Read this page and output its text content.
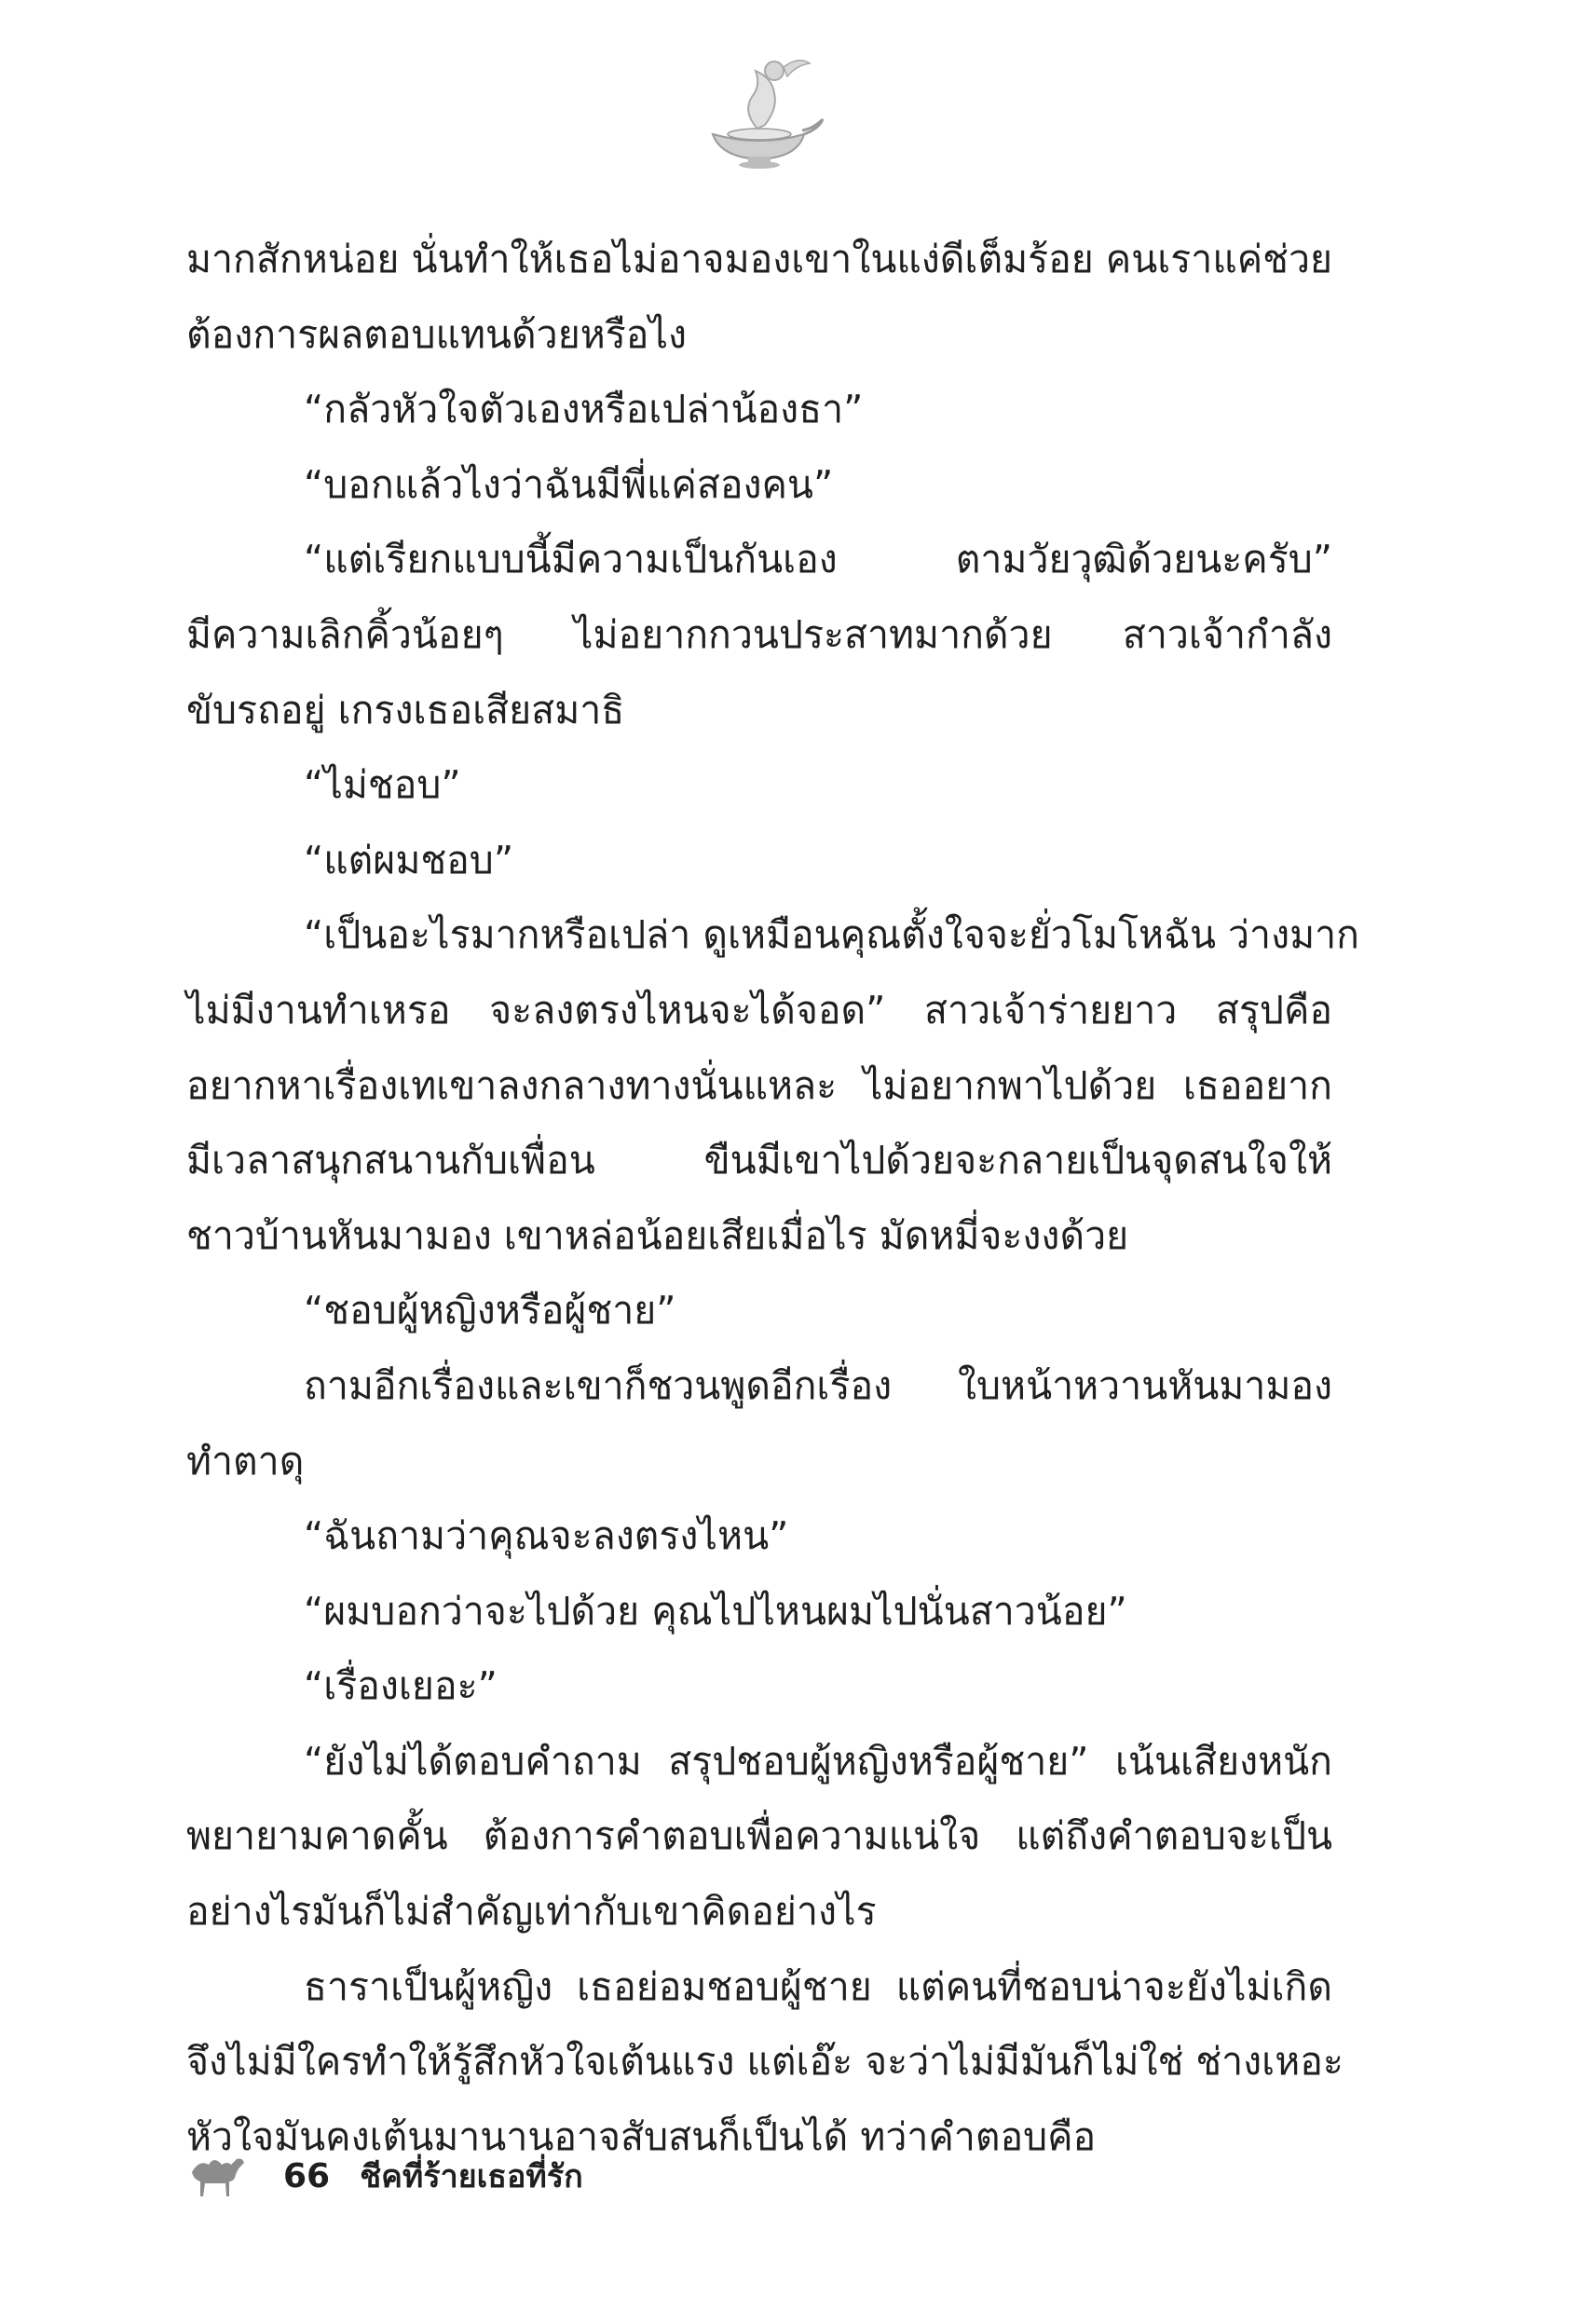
มากสักหน่อย นั่นทำให้เธอไม่อาจมองเขาในแง่ดีเต็มร้อย คนเราแค่ช่วย
ต้องการผลตอบแทนด้วยหรือไง
“กลัวหัวใจตัวเองหรือเปล่าน้องธา”
“บอกแล้วไงว่าฉันมีพี่แค่สองคน”
“แต่เรียกแบบนี้มีความเป็นกันเอง ตามวัยวุฒิด้วยนะครับ”
มีความเลิกคิ้วน้อยๆ ไม่อยากกวนประสาทมากด้วย สาวเจ้ากำลัง
ขับรถอยู่ เกรงเธอเสียสมาธิ
“ไม่ชอบ”
“แต่ผมชอบ”
“เป็นอะไรมากหรือเปล่า ดูเหมือนคุณตั้งใจจะยั่วโมโหฉัน ว่างมาก
ไม่มีงานทำเหรอ จะลงตรงไหนจะได้จอด” สาวเจ้าร่ายยาว สรุปคือ
อยากหาเรื่องเทเขาลงกลางทางนั่นแหละ ไม่อยากพาไปด้วย เธออยาก
มีเวลาสนุกสนานกับเพื่อน ขืนมีเขาไปด้วยจะกลายเป็นจุดสนใจให้
ชาวบ้านหันมามอง เขาหล่อน้อยเสียเมื่อไร มัดหมี่จะงงด้วย
“ชอบผู้หญิงหรือผู้ชาย”
ถามอีกเรื่องและเขาก็ชวนพูดอีกเรื่อง ใบหน้าหวานหันมามอง
ทำตาดุ
“ฉันถามว่าคุณจะลงตรงไหน”
“ผมบอกว่าจะไปด้วย คุณไปไหนผมไปนั่นสาวน้อย”
“เรื่องเยอะ”
“ยังไม่ได้ตอบคำถาม สรุปชอบผู้หญิงหรือผู้ชาย” เน้นเสียงหนัก
พยายามคาดคั้น ต้องการคำตอบเพื่อความแน่ใจ แต่ถึงคำตอบจะเป็น
อย่างไรมันก็ไม่สำคัญเท่ากับเขาคิดอย่างไร
ธาราเป็นผู้หญิง เธอย่อมชอบผู้ชาย แต่คนที่ชอบน่าจะยังไม่เกิด
จึงไม่มีใครทำให้รู้สึกหัวใจเต้นแรง แต่เอ๊ะ จะว่าไม่มีมันก็ไม่ใช่ ช่างเหอะ
หัวใจมันคงเต้นมานานอาจสับสนก็เป็นได้ ทว่าคำตอบคือ
66 ชีคที่ร้ายเธอที่รัก
